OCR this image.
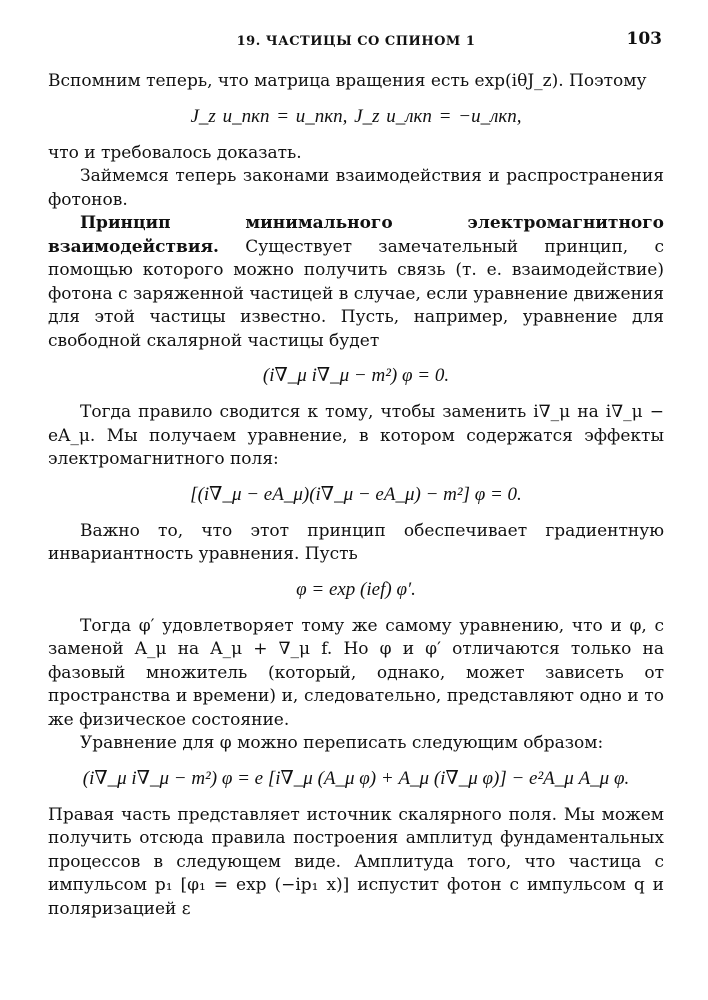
19. ЧАСТИЦЫ СО СПИНОМ 1	103

Вспомним теперь, что матрица вращения есть exp(iθJ_z). Поэтому

J_z u_пкп = u_пкп, J_z u_лкп = −u_лкп,

что и требовалось доказать.

Займемся теперь законами взаимодействия и распространения фотонов.

Принцип минимального электромагнитного взаимодействия. Существует замечательный принцип, с помощью которого можно получить связь (т. е. взаимодействие) фотона с заряженной частицей в случае, если уравнение движения для этой частицы известно. Пусть, например, уравнение для свободной скалярной частицы будет

(i∇_μ i∇_μ − m²) φ = 0.

Тогда правило сводится к тому, чтобы заменить i∇_μ на i∇_μ − eA_μ. Мы получаем уравнение, в котором содержатся эффекты электромагнитного поля:

[(i∇_μ − eA_μ)(i∇_μ − eA_μ) − m²] φ = 0.

Важно то, что этот принцип обеспечивает градиентную инвариантность уравнения. Пусть

φ = exp (ief) φ′.

Тогда φ′ удовлетворяет тому же самому уравнению, что и φ, с заменой A_μ на A_μ + ∇_μ f. Но φ и φ′ отличаются только на фазовый множитель (который, однако, может зависеть от пространства и времени) и, следовательно, представляют одно и то же физическое состояние.

Уравнение для φ можно переписать следующим образом:

(i∇_μ i∇_μ − m²) φ = e [i∇_μ (A_μ φ) + A_μ (i∇_μ φ)] − e²A_μ A_μ φ.

Правая часть представляет источник скалярного поля. Мы можем получить отсюда правила построения амплитуд фундаментальных процессов в следующем виде. Амплитуда того, что частица с импульсом p₁ [φ₁ = exp (−ip₁ x)] испустит фотон с импульсом q и поляризацией ε
